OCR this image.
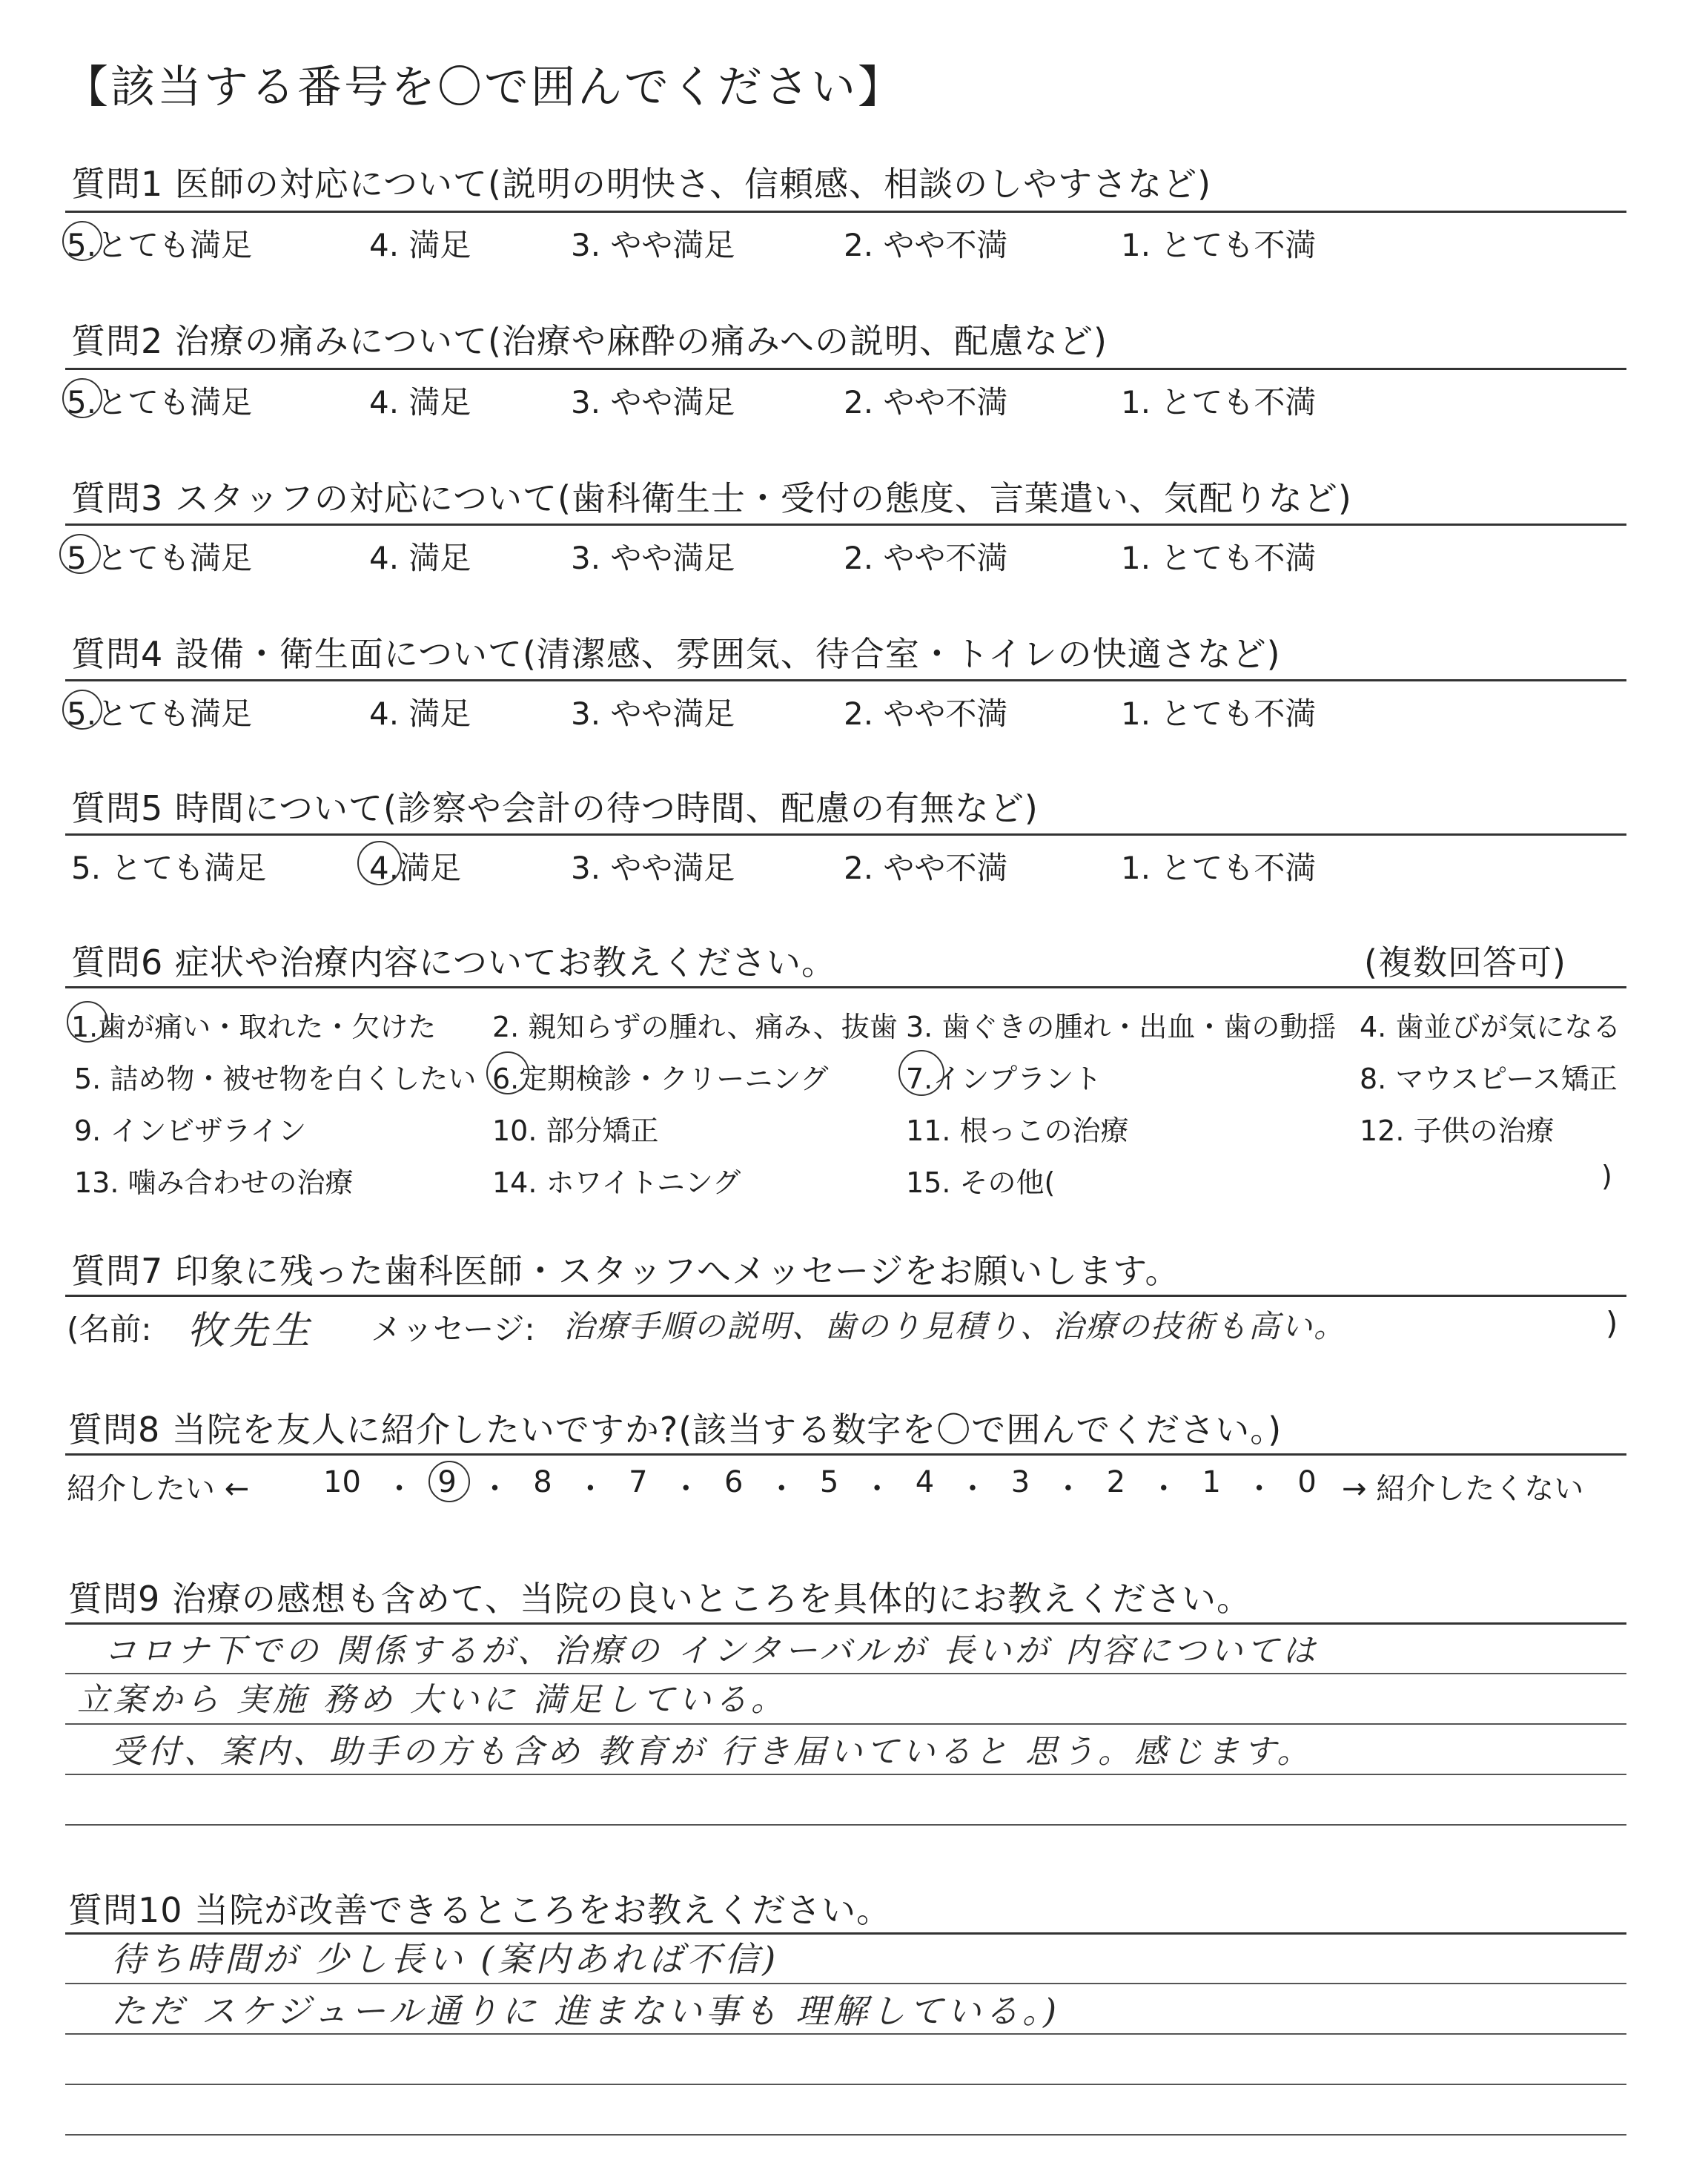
【該当する番号を〇で囲んでください】
質問1 医師の対応について(説明の明快さ、信頼感、相談のしやすさなど)
5.とても満足	4. 満足	3. やや満足	2. やや不満	1. とても不満
質問2 治療の痛みについて(治療や麻酔の痛みへの説明、配慮など)
5.とても満足	4. 満足	3. やや満足	2. やや不満	1. とても不満
質問3 スタッフの対応について(歯科衛生士・受付の態度、言葉遣い、気配りなど)
5 とても満足	4. 満足	3. やや満足	2. やや不満	1. とても不満
質問4 設備・衛生面について(清潔感、雰囲気、待合室・トイレの快適さなど)
5.とても満足	4. 満足	3. やや満足	2. やや不満	1. とても不満
質問5 時間について(診察や会計の待つ時間、配慮の有無など)
5. とても満足	4.満足	3. やや満足	2. やや不満	1. とても不満
質問6 症状や治療内容についてお教えください。	(複数回答可)
1.歯が痛い・取れた・欠けた 2. 親知らずの腫れ、痛み、抜歯 3. 歯ぐきの腫れ・出血・歯の動揺 4. 歯並びが気になる
5. 詰め物・被せ物を白くしたい 6.定期検診・クリーニング	7.インプラント	8. マウスピース矯正
9. インビザライン	10. 部分矯正	11. 根っこの治療	12. 子供の治療
13. 噛み合わせの治療	14. ホワイトニング	15. その他(	)
質問7 印象に残った歯科医師・スタッフへメッセージをお願いします。
(名前: 牧先生 メッセージ: 治療手順の説明、歯のり見積り、治療の技術も高い。	)
質問8 当院を友人に紹介したいですか?(該当する数字を〇で囲んでください。)
紹介したい ← 10 ・ 9 ・ 8 ・ 7 ・ 6 ・ 5 ・ 4 ・ 3 ・ 2 ・ 1 ・ 0 → 紹介したくない
質問9 治療の感想も含めて、当院の良いところを具体的にお教えください。
コロナ下での 関係するが、治療の インターバルが 長いが 内容については
立案から 実施 務め 大いに 満足している。
受付、案内、助手の方も含め 教育が 行き届いていると 思う。感じます。
質問10 当院が改善できるところをお教えください。
待ち時間が 少し長い (案内あれば不信)
ただ スケジュール通りに 進まない事も 理解している。)
